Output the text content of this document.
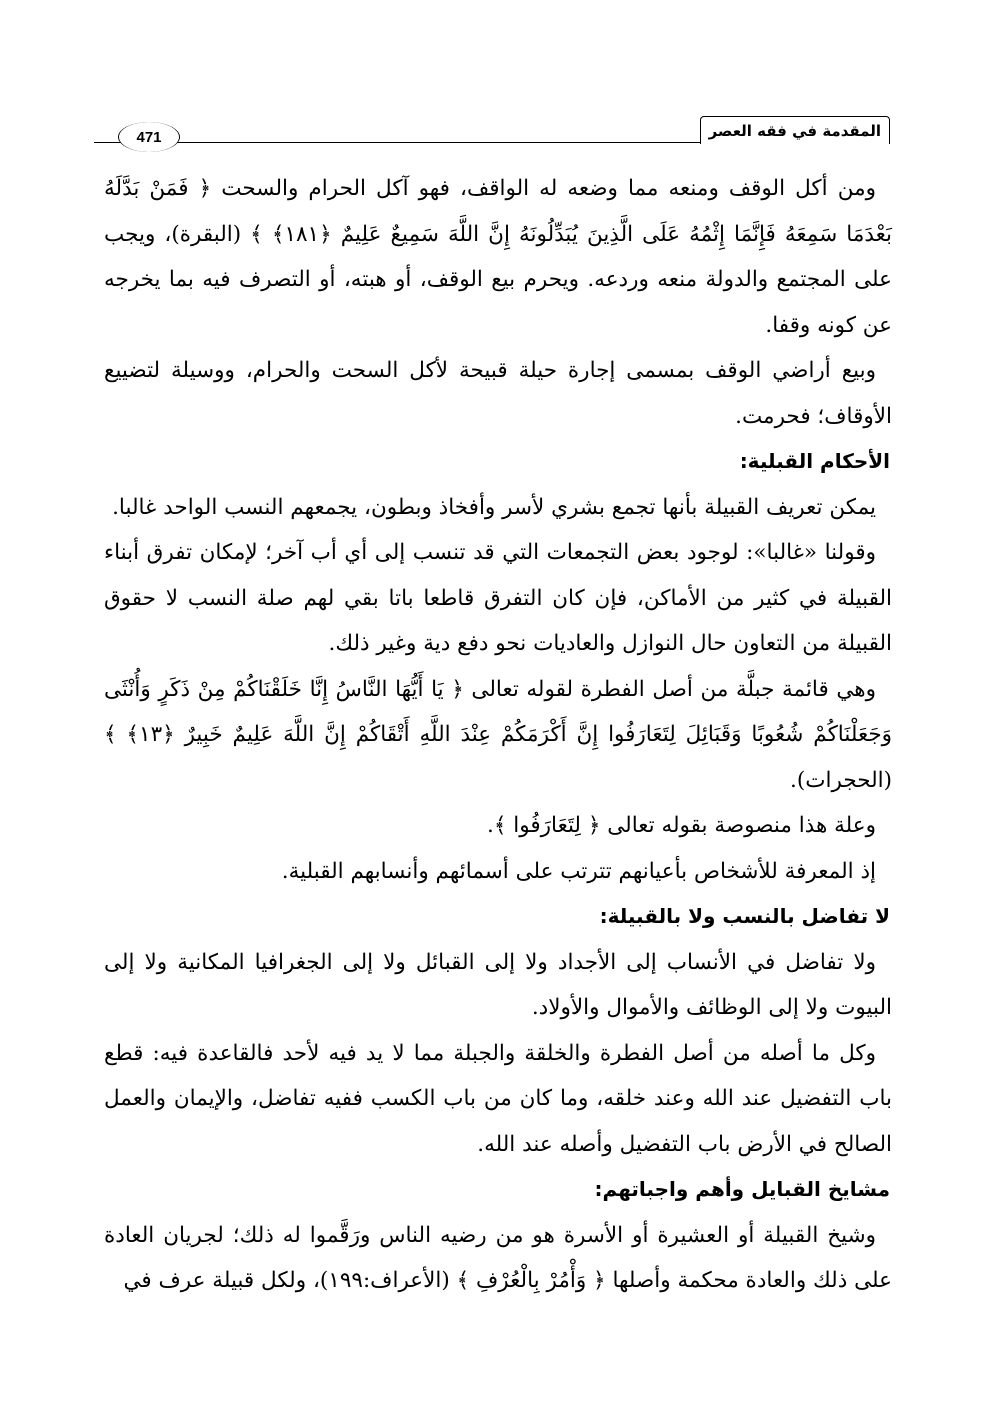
المقدمة في فقه العصر
471

ومن أكل الوقف ومنعه مما وضعه له الواقف، فهو آكل الحرام والسحت ﴿ فَمَنْ بَدَّلَهُ بَعْدَمَا سَمِعَهُ فَإِنَّمَا إِثْمُهُ عَلَى الَّذِينَ يُبَدِّلُونَهُ إِنَّ اللَّهَ سَمِيعٌ عَلِيمٌ ﴿١٨١﴾ ﴾ (البقرة)، ويجب على المجتمع والدولة منعه وردعه. ويحرم بيع الوقف، أو هبته، أو التصرف فيه بما يخرجه عن كونه وقفا.

وبيع أراضي الوقف بمسمى إجارة حيلة قبيحة لأكل السحت والحرام، ووسيلة لتضييع الأوقاف؛ فحرمت.

الأحكام القبلية:

يمكن تعريف القبيلة بأنها تجمع بشري لأسر وأفخاذ وبطون، يجمعهم النسب الواحد غالبا.

وقولنا «غالبا»: لوجود بعض التجمعات التي قد تنسب إلى أي أب آخر؛ لإمكان تفرق أبناء القبيلة في كثير من الأماكن، فإن كان التفرق قاطعا باتا بقي لهم صلة النسب لا حقوق القبيلة من التعاون حال النوازل والعاديات نحو دفع دية وغير ذلك.

وهي قائمة جبلَّة من أصل الفطرة لقوله تعالى ﴿ يَا أَيُّهَا النَّاسُ إِنَّا خَلَقْنَاكُمْ مِنْ ذَكَرٍ وَأُنْثَى وَجَعَلْنَاكُمْ شُعُوبًا وَقَبَائِلَ لِتَعَارَفُوا إِنَّ أَكْرَمَكُمْ عِنْدَ اللَّهِ أَتْقَاكُمْ إِنَّ اللَّهَ عَلِيمٌ خَبِيرٌ ﴿١٣﴾ ﴾ (الحجرات).

وعلة هذا منصوصة بقوله تعالى ﴿ لِتَعَارَفُوا ﴾.

إذ المعرفة للأشخاص بأعيانهم تترتب على أسمائهم وأنسابهم القبلية.

لا تفاضل بالنسب ولا بالقبيلة:

ولا تفاضل في الأنساب إلى الأجداد ولا إلى القبائل ولا إلى الجغرافيا المكانية ولا إلى البيوت ولا إلى الوظائف والأموال والأولاد.

وكل ما أصله من أصل الفطرة والخلقة والجبلة مما لا يد فيه لأحد فالقاعدة فيه: قطع باب التفضيل عند الله وعند خلقه، وما كان من باب الكسب ففيه تفاضل، والإيمان والعمل الصالح في الأرض باب التفضيل وأصله عند الله.

مشايخ القبايل وأهم واجباتهم:

وشيخ القبيلة أو العشيرة أو الأسرة هو من رضيه الناس ورَقَّموا له ذلك؛ لجريان العادة على ذلك والعادة محكمة وأصلها ﴿ وَأْمُرْ بِالْعُرْفِ ﴾ (الأعراف:١٩٩)، ولكل قبيلة عرف في
